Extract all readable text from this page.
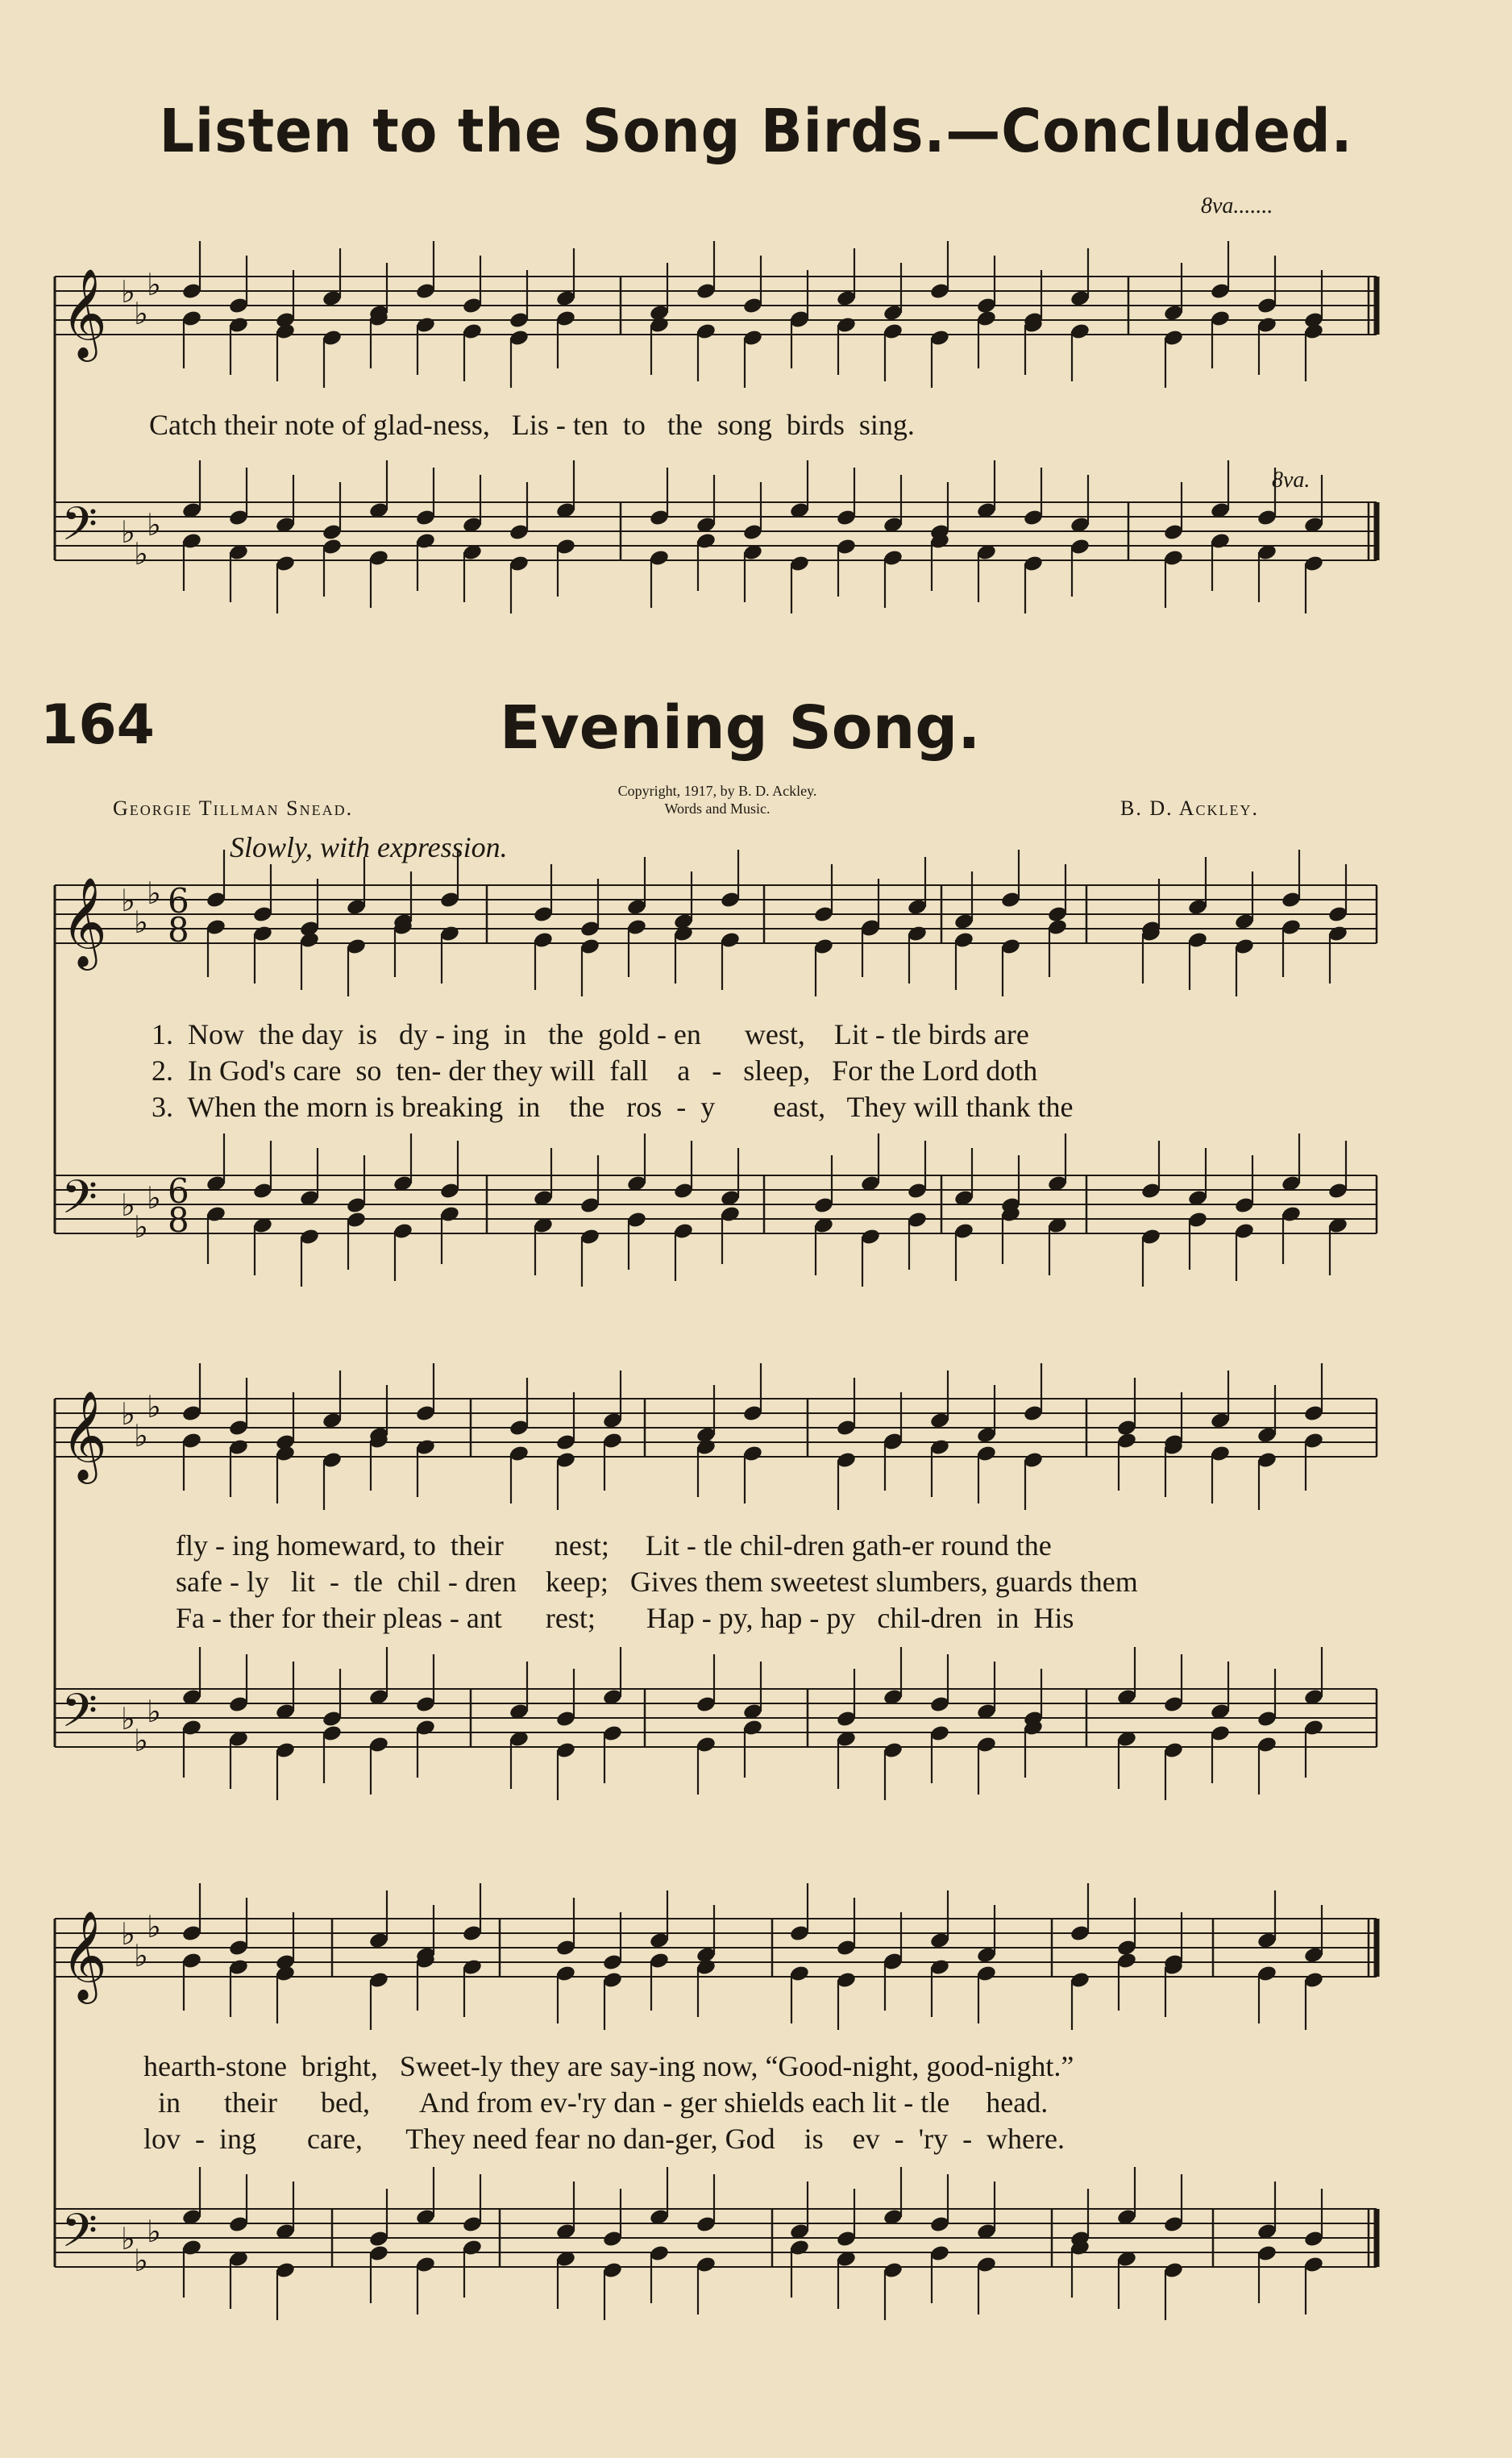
Listen to the Song Birds.—Concluded.
𝄞
𝄢
♭
♭
♭
♭
♭
♭
𝄞
𝄢
♭
♭
♭
♭
♭
♭
6
8
6
8
𝄞
𝄢
♭
♭
♭
♭
♭
♭
𝄞
𝄢
♭
♭
♭
♭
♭
♭
8va.......
Catch their note of glad-ness,   Lis - ten  to   the  song  birds  sing.
8va.
164	Evening Song.
Georgie Tillman Snead.
Copyright, 1917, by B. D. Ackley.
Words and Music.	B. D. Ackley.
Slowly, with expression.
1.  Now  the day  is   dy - ing  in   the  gold - en      west,    Lit - tle birds are
2.  In God's care  so  ten- der they will  fall    a   -   sleep,   For the Lord doth
3.  When the morn is breaking  in    the   ros  -  y        east,   They will thank the
fly - ing homeward, to  their       nest;     Lit - tle chil-dren gath-er round the
safe - ly   lit  -  tle  chil - dren    keep;   Gives them sweetest slumbers, guards them
Fa - ther for their pleas - ant      rest;       Hap - py, hap - py   chil-dren  in  His
hearth-stone  bright,   Sweet-ly they are say-ing now, “Good-night, good-night.”
in      their      bed,       And from ev-'ry dan - ger shields each lit - tle     head.
lov  -  ing       care,      They need fear no dan-ger, God    is    ev  -  'ry  -  where.
